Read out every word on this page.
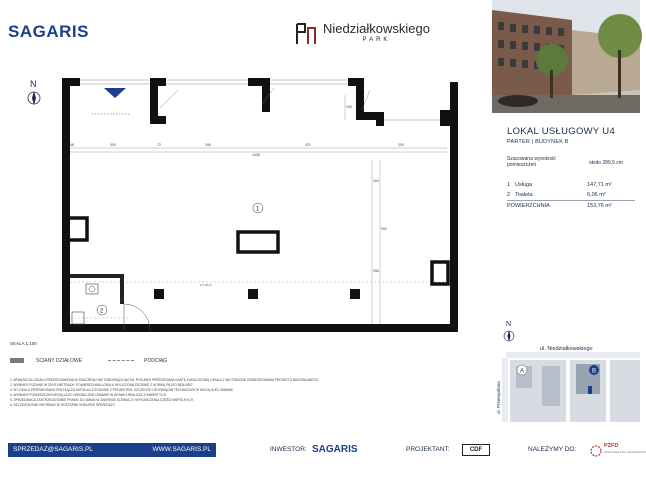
SAGARIS	Niedziałkowskiego
PARK
LOKAL USŁUGOWY U4
PARTER | BUDYNEK B
Szacowana wysokość pomieszczeń	około 289,5 cm
1 Usługa	147,71 m²
2 Toaleta	6,06 m²
POWIERZCHNIA	153,76 m²
N
48	300	72	396	421	205
1436
150
404
356
500
17,78 m²
1
2
SKALA 1:100
ŚCIANY DZIAŁOWE	PODCIĄG

1. ARANŻACJA LOKALU PRZEDSTAWIONA W ZNACZENIU NIE ZOBOWIĄZUJĄCYM. RYSUNEK PRZEDSTAWIA KARTĘ KATALOGOWĄ LOKALU I NIE STANOWI ODWZOROWANIA PROJEKTU BUDOWLANEGO.

2. WYMIARY PODANE W CENTYMETRACH. POWIERZCHNIA LOKALU WYLICZONA ZGODNIE Z NORMĄ PN-ISO 9836:1997.

3. W LOKALU PRZEWIDZIANO PRZYŁĄCZA INSTALACJI ZGODNIE Z PROJEKTEM. SZCZEGÓŁY ROZWIĄZAŃ TECHNICZNYCH MOGĄ ULEC ZMIANIE.

4. WYMIARY POMIESZCZEŃ MOGĄ ULEC NIEZNACZNEJ ZMIANIE W WYNIKU REALIZACJI INWESTYCJI.

5. SPRZEDAWCA ZASTRZEGA SOBIE PRAWO DO ZMIAN W ZAKRESIE ELEWACJI I WYKOŃCZENIA CZĘŚCI WSPÓLNYCH.

6. SZCZEGÓŁOWE INFORMACJE DOSTĘPNE W BIURZE SPRZEDAŻY.

N
ul. Niedziałkowskiego
ul. Przemysłowa
A	B
SPRZEDAZ@SAGARIS.PL	WWW.SAGARIS.PL	INWESTOR: SAGARIS	PROJEKTANT:	CDF	NALEŻYMY DO:	PZFD
Polski Związek Firm Deweloperskich
